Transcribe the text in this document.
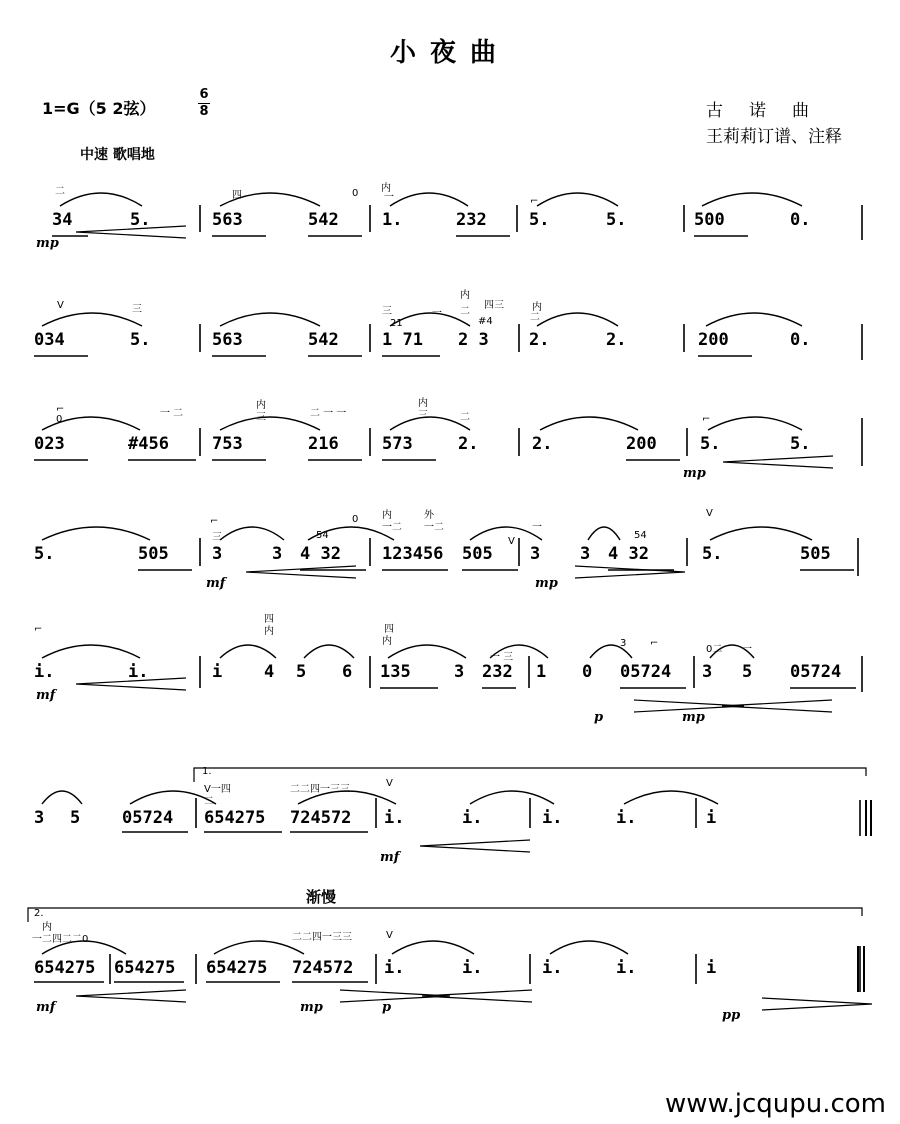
小夜曲
1=G（5 2弦）
6
8
中速 歌唱地
古诺曲
王莉莉订谱、注释
渐慢
www.jcqupu.com
34	5.	563	542	1.	232 5.	5.	500	0.
mp
二	四	0 内
一	⌐
034	5.	563	542	1 71 2 3 2.	2.	200	0.
V	三	三	一
内
二
四三	内
二
21	#4
023	#456	753	216	573	2.	2.	200	5.	5.
mp
⌐
0
一 二
内
三	二 一 一
内
三	二	⌐
5.	505	3	3 4 32 123456 505 3 3 4 32	5.	505
mf	mp
⌐
三	54
0 内	外
一二 一二
V
一
54
V
i.	i.	i 4 5 6 135	3 232 1 0 05724 3 5 05724
mf
p	mp
⌐
四
内	四
内
一 三
3 ⌐
0二 一
3 5 05724 654275 724572 i.	i.	i.	i.	i
mf
1.
V一四
二
二二四一三三
V
654275 654275 654275 724572 i.	i.	i.	i.	i
mf	mp	p
pp
2.
内
一二四二二0	二二四一三三	V
